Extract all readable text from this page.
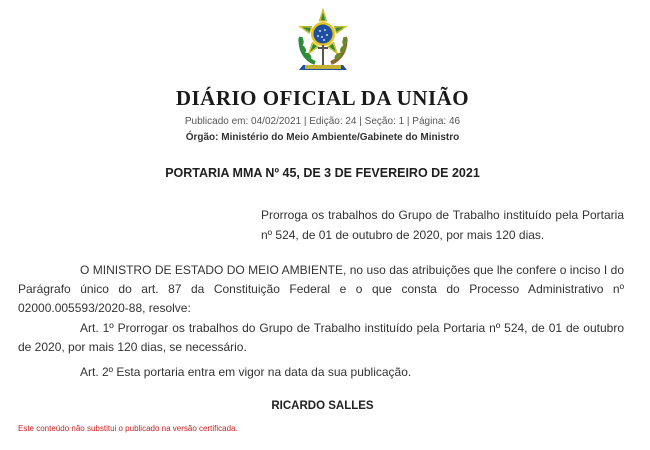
DIÁRIO OFICIAL DA UNIÃO
Publicado em: 04/02/2021 | Edição: 24 | Seção: 1 | Página: 46
Órgão: Ministério do Meio Ambiente/Gabinete do Ministro
PORTARIA MMA Nº 45, DE 3 DE FEVEREIRO DE 2021
Prorroga os trabalhos do Grupo de Trabalho instituído pela Portaria nº 524, de 01 de outubro de 2020, por mais 120 dias.
O MINISTRO DE ESTADO DO MEIO AMBIENTE, no uso das atribuições que lhe confere o inciso I do Parágrafo único do art. 87 da Constituição Federal e o que consta do Processo Administrativo nº 02000.005593/2020-88, resolve:
Art. 1º Prorrogar os trabalhos do Grupo de Trabalho instituído pela Portaria nº 524, de 01 de outubro de 2020, por mais 120 dias, se necessário.
Art. 2º Esta portaria entra em vigor na data da sua publicação.
RICARDO SALLES
Este conteúdo não substitui o publicado na versão certificada.
